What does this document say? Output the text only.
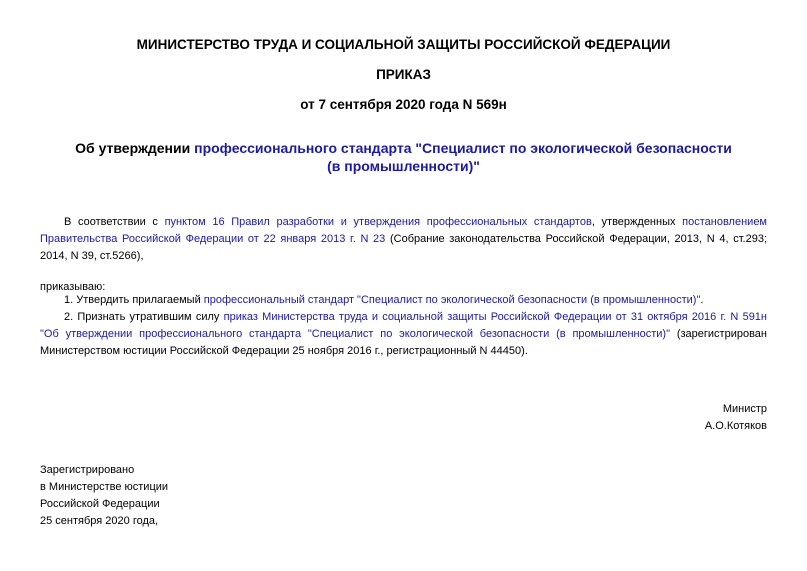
МИНИСТЕРСТВО ТРУДА И СОЦИАЛЬНОЙ ЗАЩИТЫ РОССИЙСКОЙ ФЕДЕРАЦИИ
ПРИКАЗ
от 7 сентября 2020 года N 569н
Об утверждении профессионального стандарта "Специалист по экологической безопасности (в промышленности)"

В соответствии с пунктом 16 Правил разработки и утверждения профессиональных стандартов, утвержденных постановлением Правительства Российской Федерации от 22 января 2013 г. N 23 (Собрание законодательства Российской Федерации, 2013, N 4, ст.293; 2014, N 39, ст.5266),

приказываю:

1. Утвердить прилагаемый профессиональный стандарт "Специалист по экологической безопасности (в промышленности)".

2. Признать утратившим силу приказ Министерства труда и социальной защиты Российской Федерации от 31 октября 2016 г. N 591н "Об утверждении профессионального стандарта "Специалист по экологической безопасности (в промышленности)" (зарегистрирован Министерством юстиции Российской Федерации 25 ноября 2016 г., регистрационный N 44450).

Министр
А.О.Котяков
Зарегистрировано
в Министерстве юстиции
Российской Федерации
25 сентября 2020 года,
